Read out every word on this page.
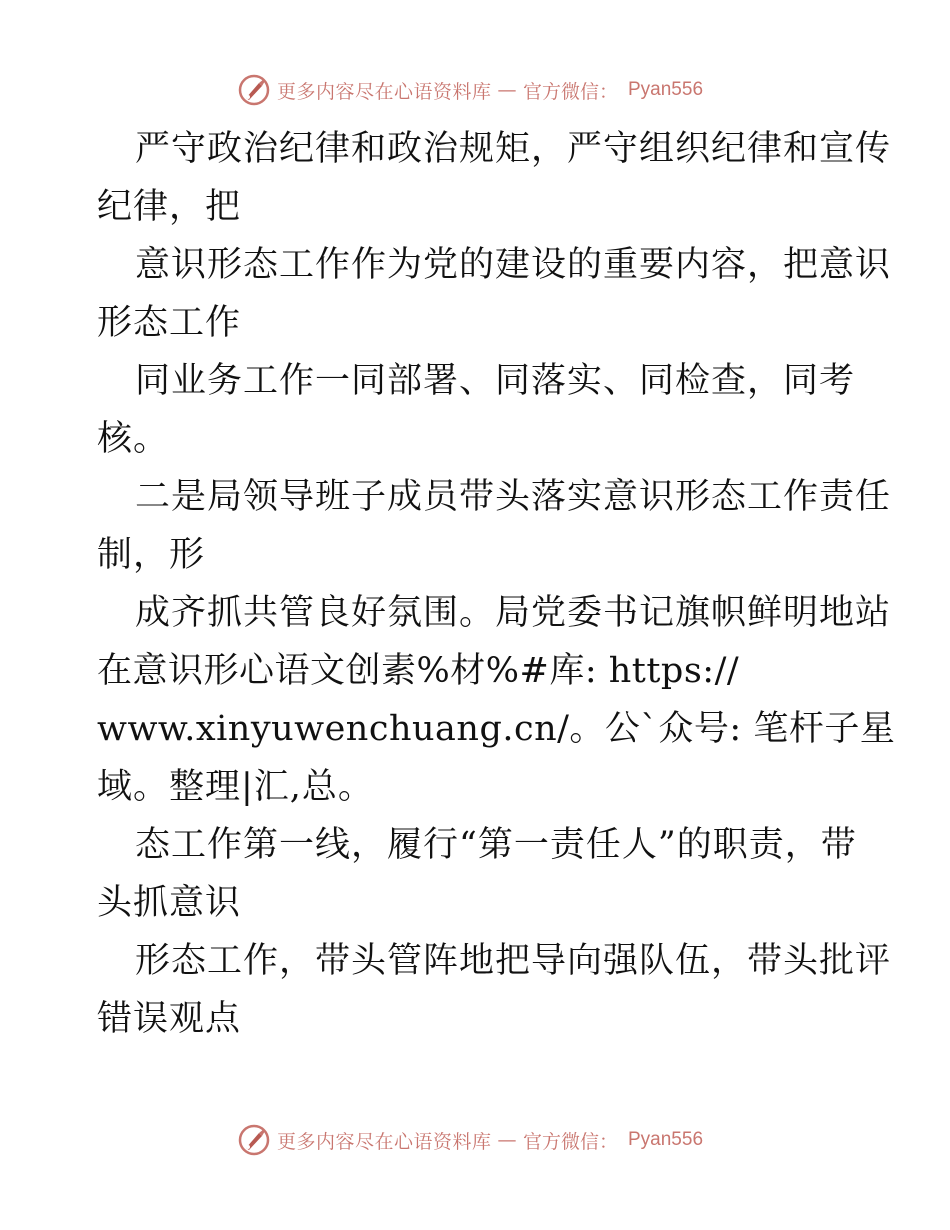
更多内容尽在心语资料库 — 官方微信： Pyan556
严守政治纪律和政治规矩，严守组织纪律和宣传
纪律，把
意识形态工作作为党的建设的重要内容，把意识
形态工作
同业务工作一同部署、同落实、同检查，同考
核。
二是局领导班子成员带头落实意识形态工作责任
制，形
成齐抓共管良好氛围。局党委书记旗帜鲜明地站
在意识形心语文创素%材%#库: https://
www.xinyuwenchuang.cn/。公`众号: 笔杆子星
域。整理|汇,总。
态工作第一线，履行“第一责任人”的职责，带
头抓意识
形态工作，带头管阵地把导向强队伍，带头批评
错误观点
更多内容尽在心语资料库 — 官方微信： Pyan556
